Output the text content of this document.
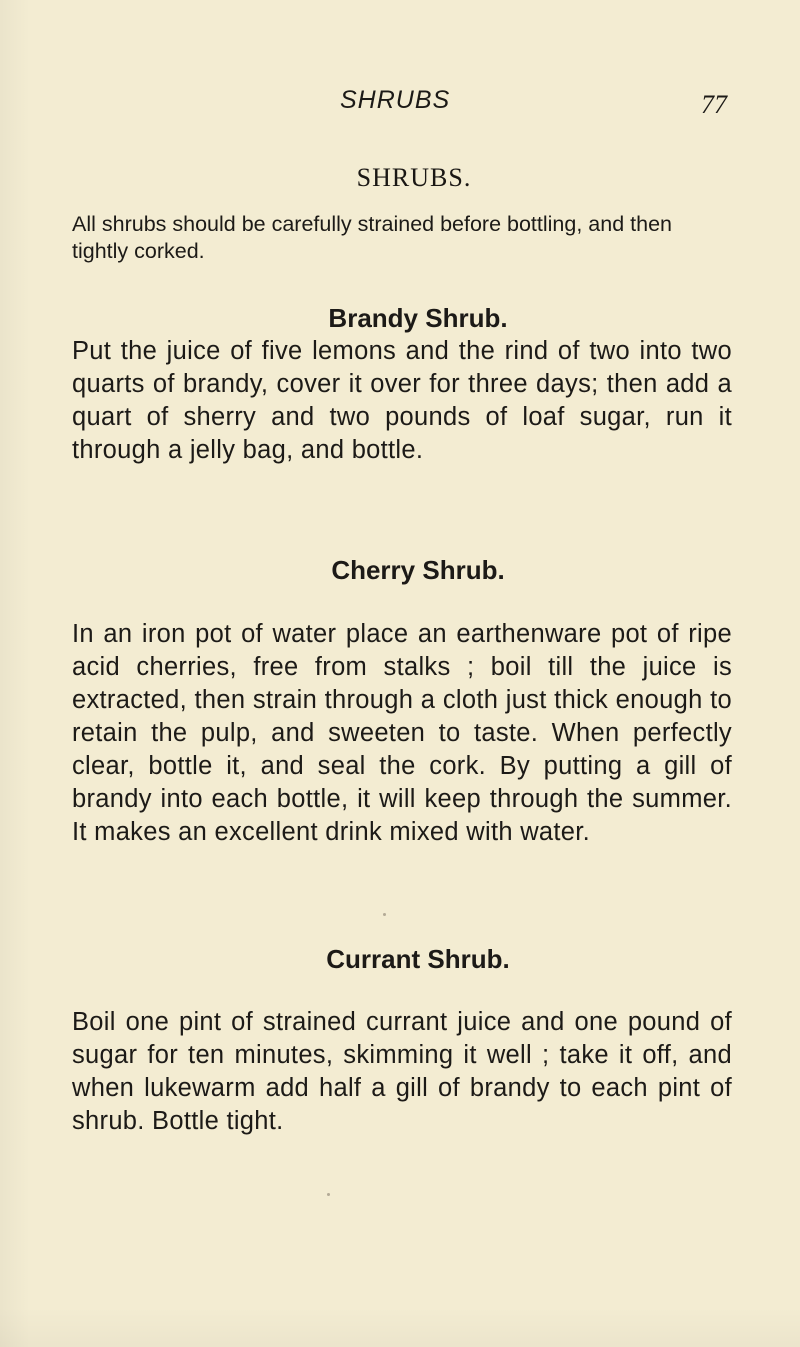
SHRUBS	77
SHRUBS.
All shrubs should be carefully strained before bottling, and then tightly corked.
Brandy Shrub.
Put the juice of five lemons and the rind of two into two quarts of brandy, cover it over for three days; then add a quart of sherry and two pounds of loaf sugar, run it through a jelly bag, and bottle.
Cherry Shrub.
In an iron pot of water place an earthenware pot of ripe acid cherries, free from stalks ; boil till the juice is extracted, then strain through a cloth just thick enough to retain the pulp, and sweeten to taste. When perfectly clear, bottle it, and seal the cork. By putting a gill of brandy into each bottle, it will keep through the summer. It makes an excellent drink mixed with water.
Currant Shrub.
Boil one pint of strained currant juice and one pound of sugar for ten minutes, skimming it well ; take it off, and when lukewarm add half a gill of brandy to each pint of shrub. Bottle tight.
